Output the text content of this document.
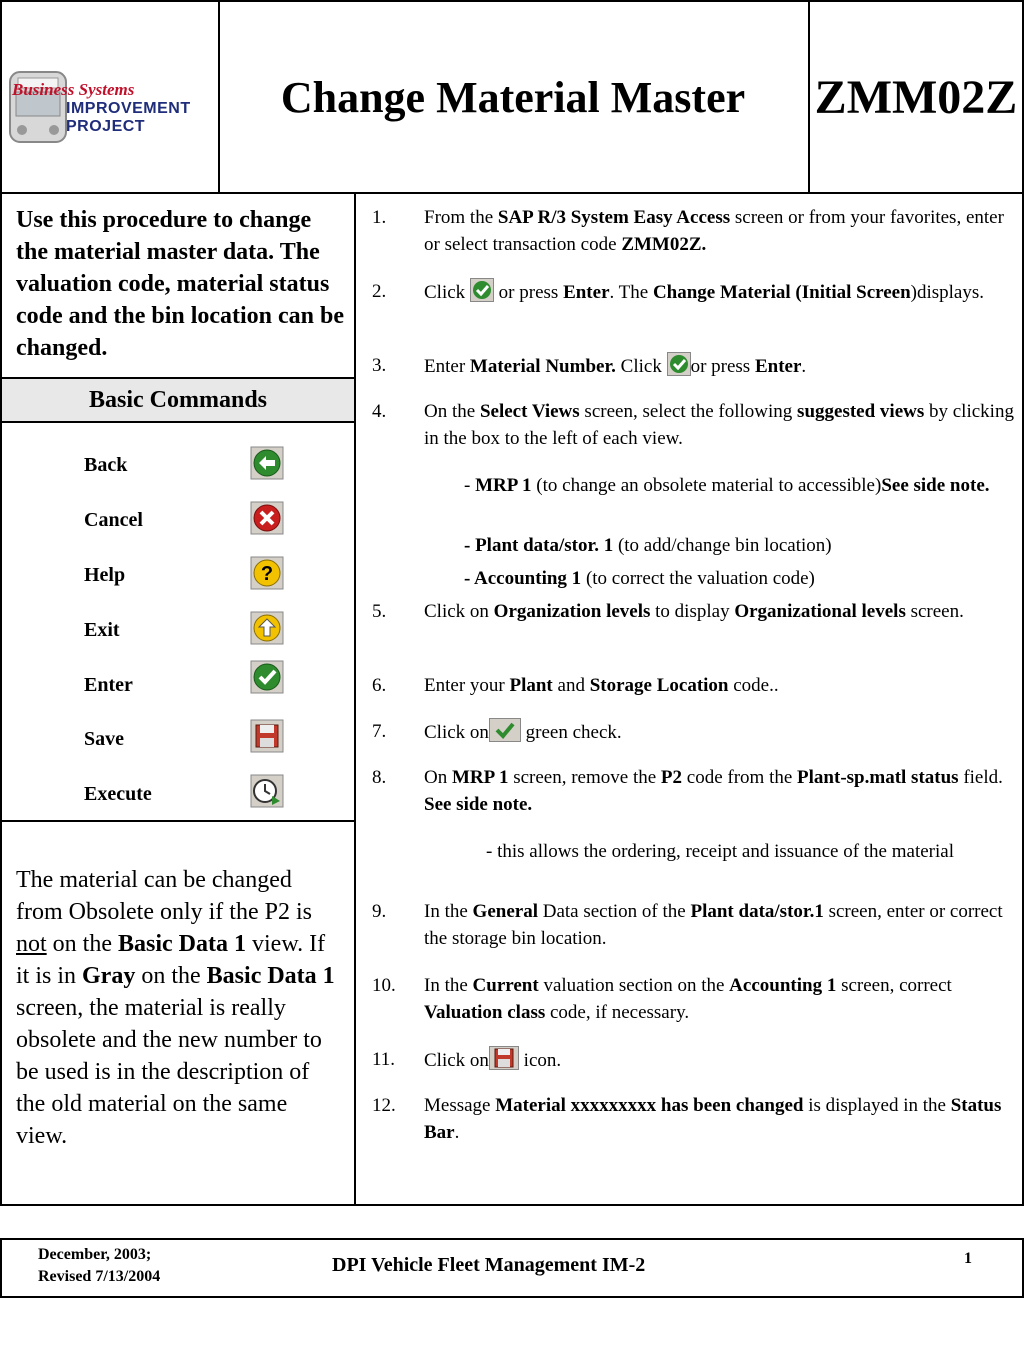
Business Systems
IMPROVEMENT
PROJECT
Change Material Master ZMM02Z
Use this procedure to change the material master data. The valuation code, material status code and the bin location can be changed.
Basic Commands
Back
Cancel
Help	?
Exit
Enter
Save
Execute
The material can be changed from Obsolete only if the P2 is not on the Basic Data 1 view. If it is in Gray on the Basic Data 1 screen, the material is really obsolete and the new number to be used is in the description of the old material on the same view.
1.	From the SAP R/3 System Easy Access screen or from your favorites, enter or select transaction code ZMM02Z.
2.	Click  or press Enter. The Change Material (Initial Screen)displays.
3.	Enter Material Number. Click or press Enter.
4.	On the Select Views screen, select the following suggested views by clicking in the box to the left of each view.
- MRP 1 (to change an obsolete material to accessible)See side note.
- Plant data/stor. 1 (to add/change bin location)
- Accounting 1 (to correct the valuation code)
5.	Click on Organization levels to display Organizational levels screen.
6.	Enter your Plant and Storage Location code..
7.	Click on green check.
8.	On MRP 1 screen, remove the P2 code from the Plant-sp.matl status field. See side note.
- this allows the ordering, receipt and issuance of the material
9.	In the General Data section of the Plant data/stor.1 screen, enter or correct the storage bin location.
10.	In the Current valuation section on the Accounting 1 screen, correct Valuation class code, if necessary.
11.	Click on icon.
12.	Message Material xxxxxxxxx has been changed is displayed in the Status Bar.
December, 2003;
Revised 7/13/2004
DPI Vehicle Fleet Management IM-2	1
